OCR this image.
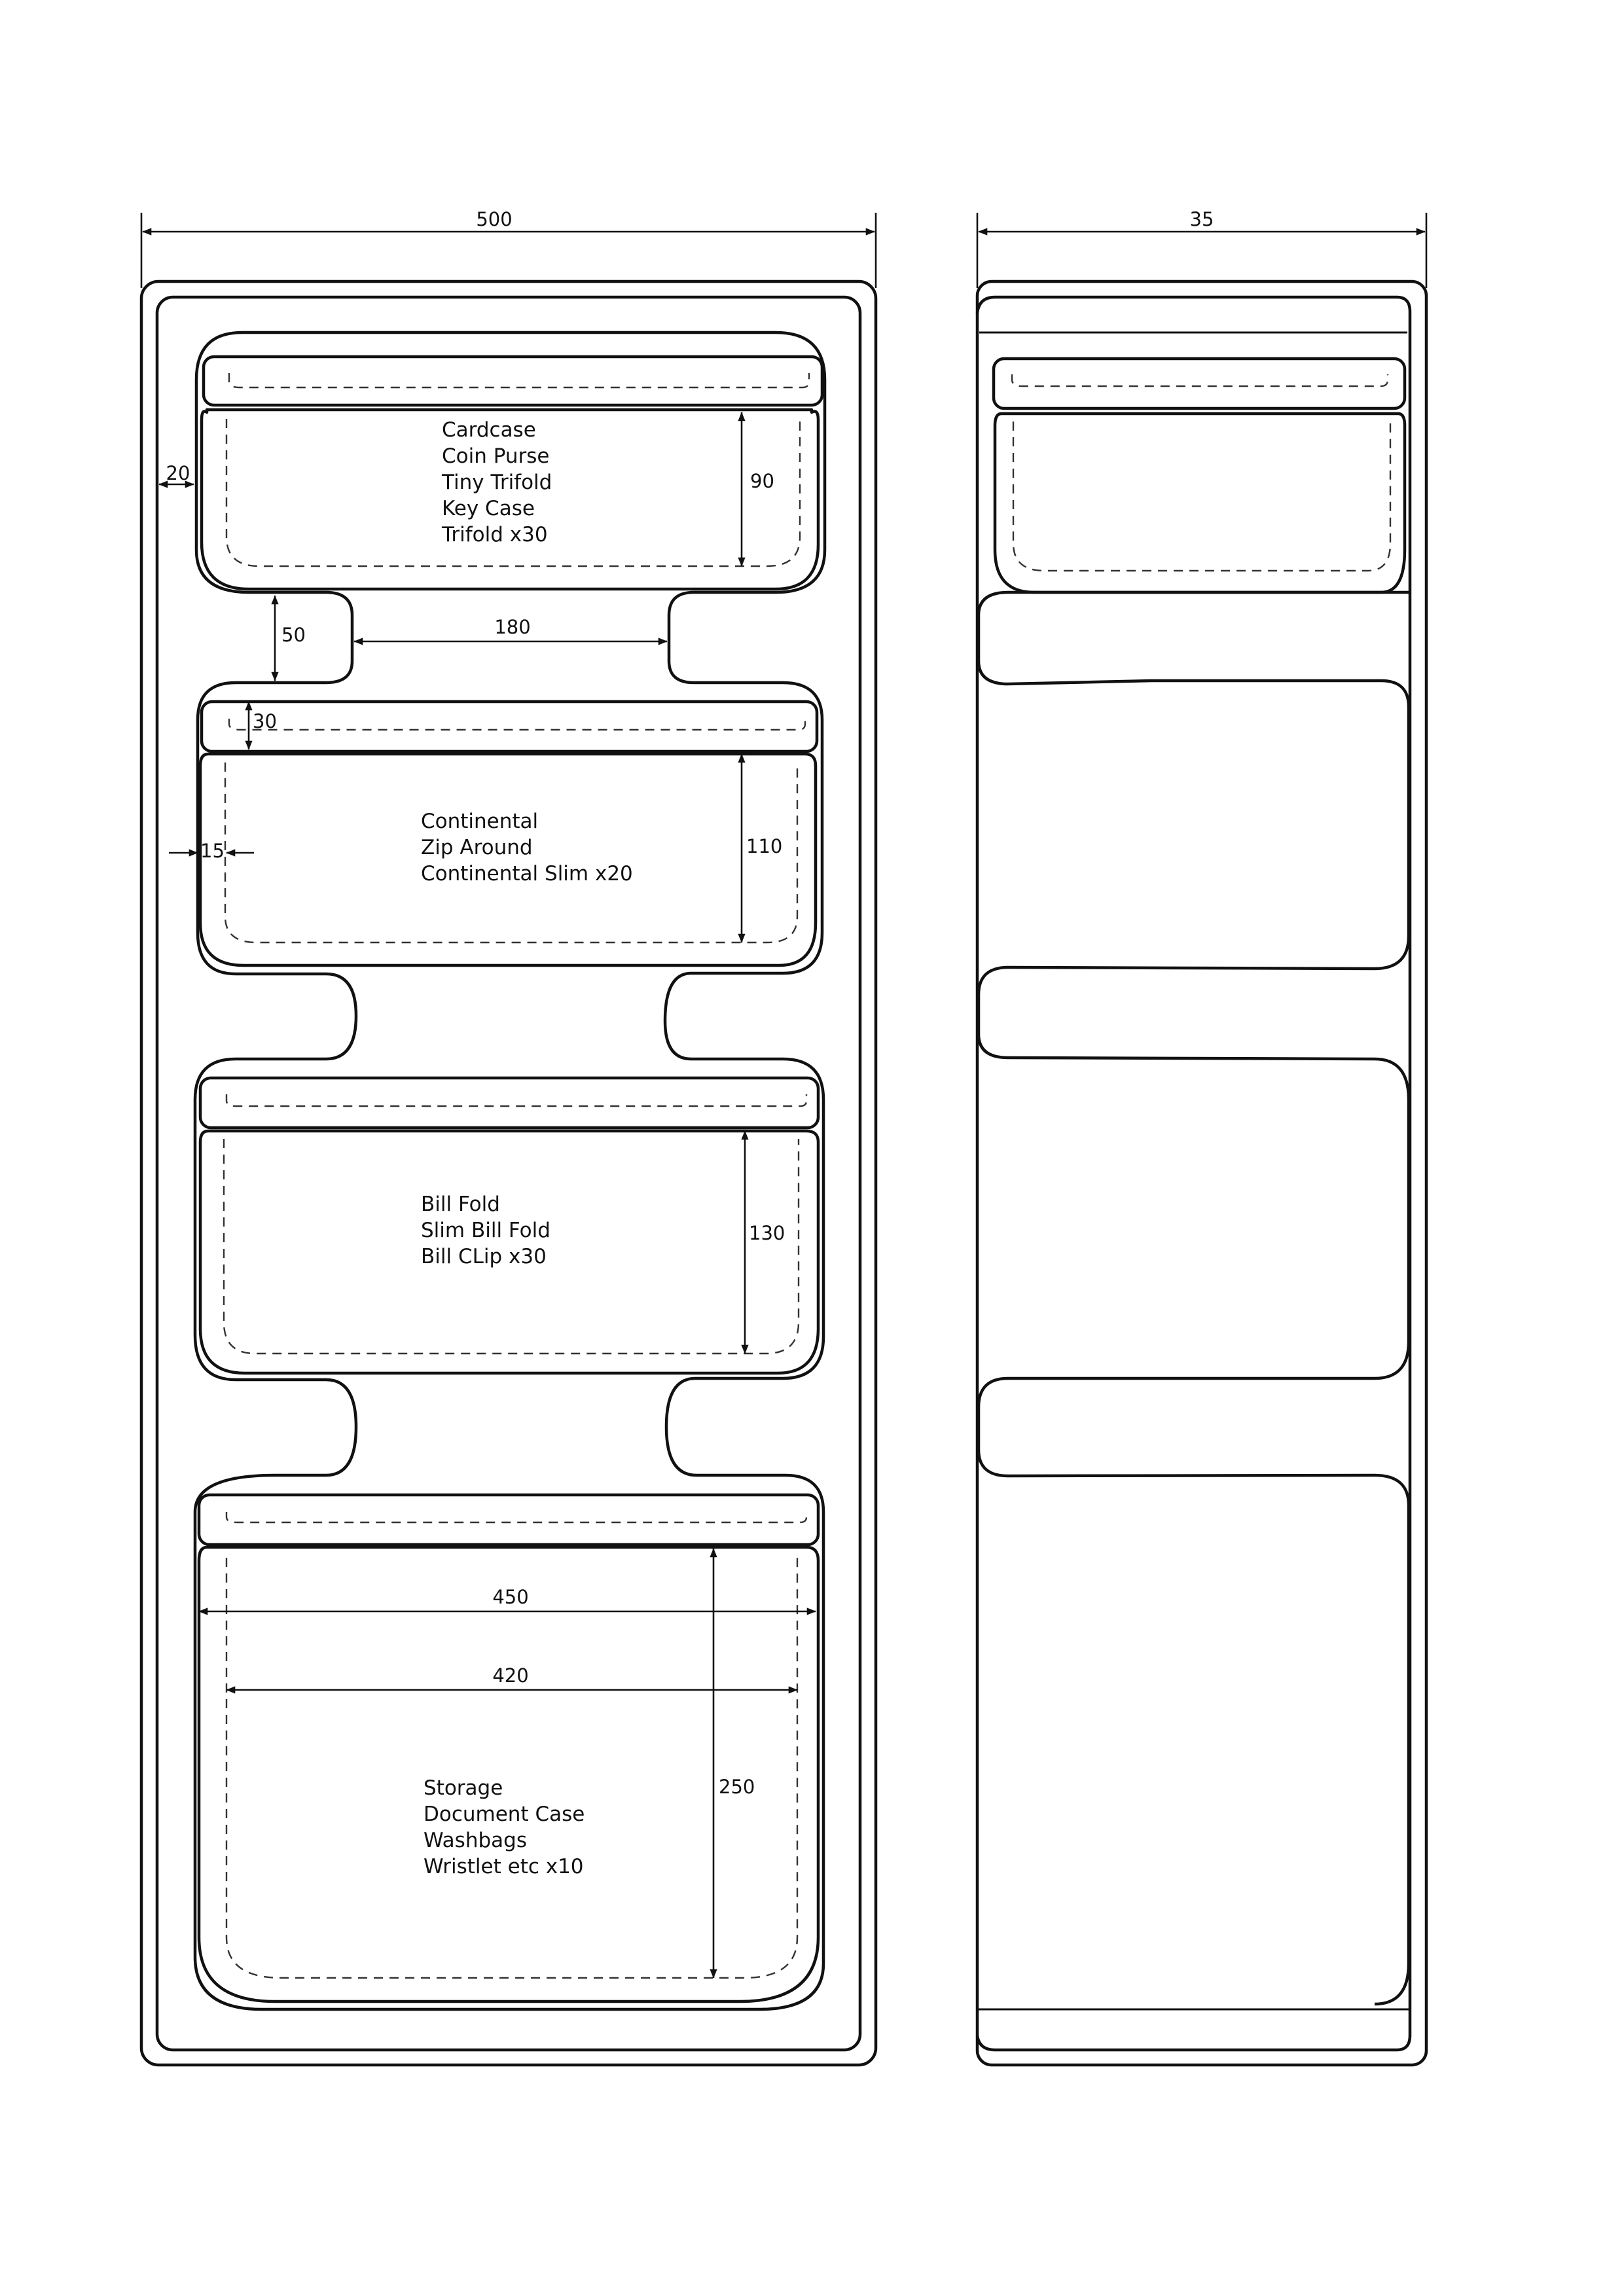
500
20	90
Cardcase
Coin Purse
Tiny Trifold
Key Case
Trifold x30
50	180
30
110
15
Continental
Zip Around
Continental Slim x20
130
Bill Fold
Slim Bill Fold
Bill CLip x30
250
450
420
Storage
Document Case
Washbags
Wristlet etc x10
35
